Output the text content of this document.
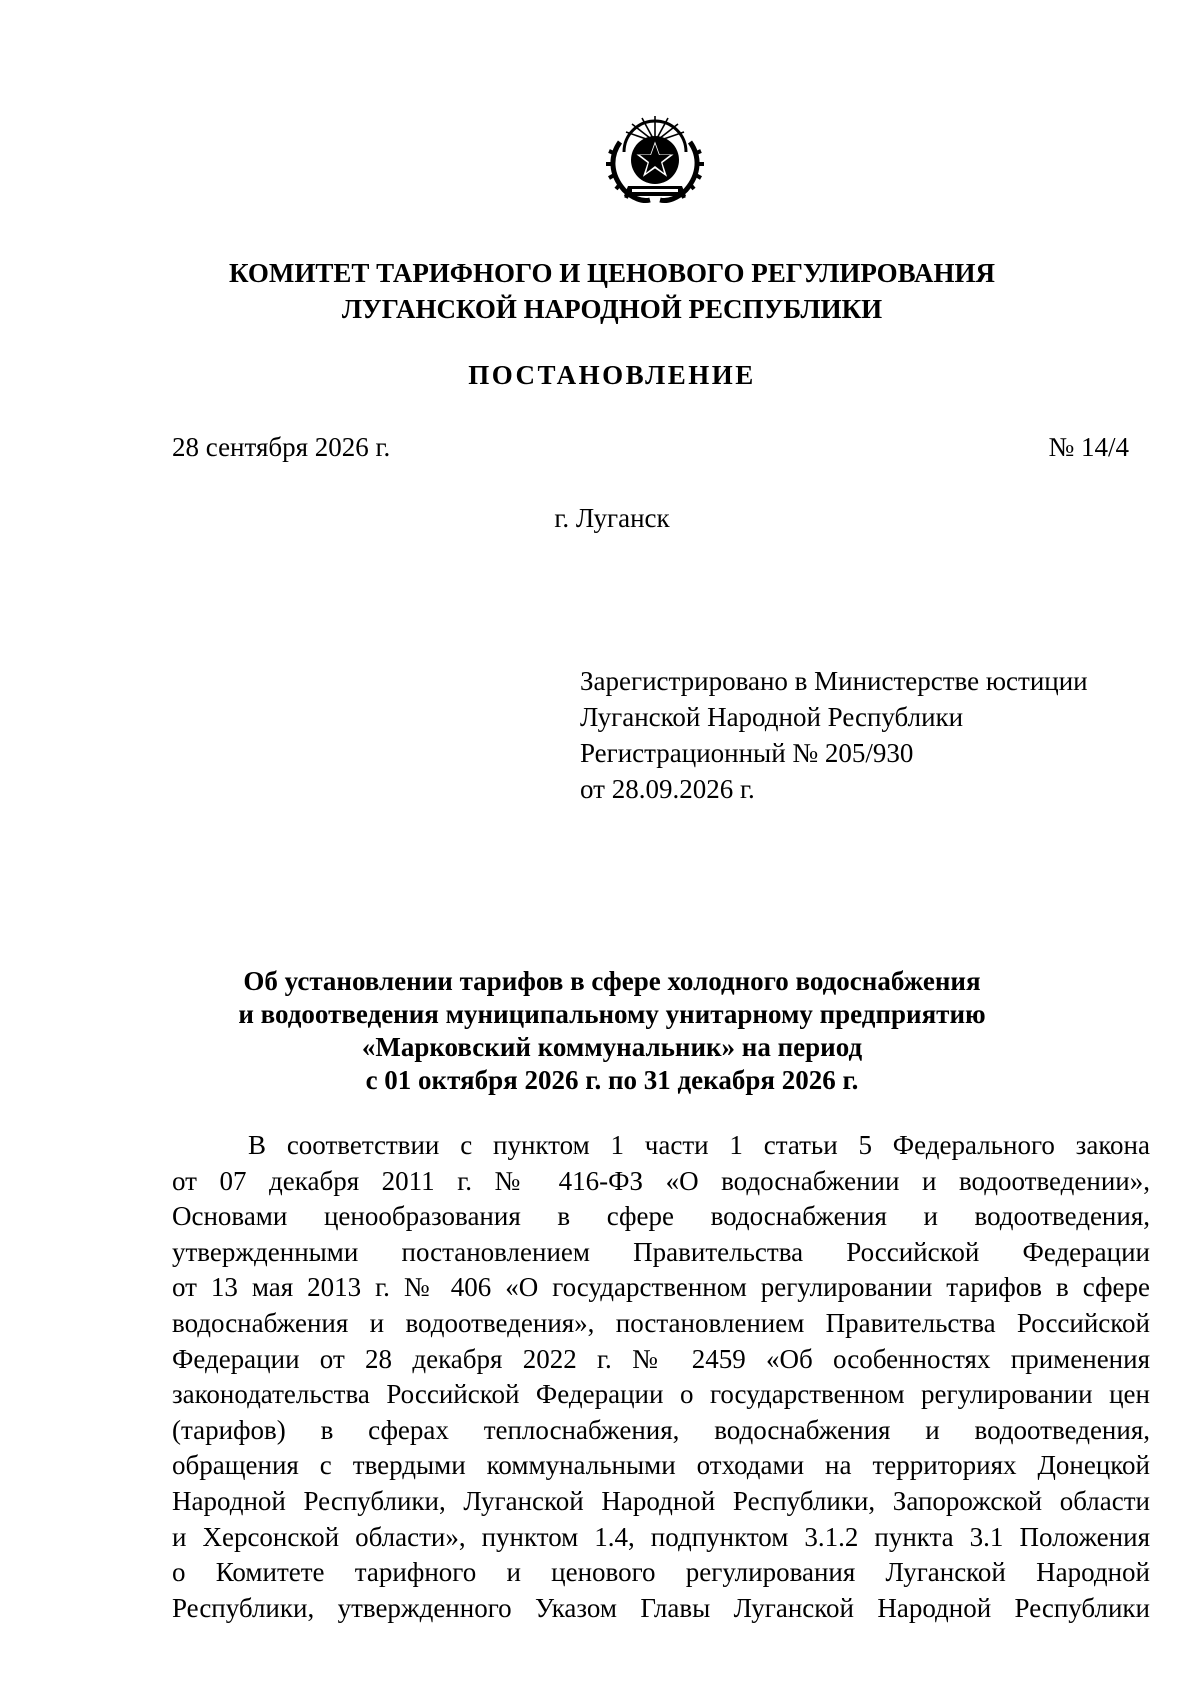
КОМИТЕТ ТАРИФНОГО И ЦЕНОВОГО РЕГУЛИРОВАНИЯ
ЛУГАНСКОЙ НАРОДНОЙ РЕСПУБЛИКИ
ПОСТАНОВЛЕНИЕ
28 сентября 2026 г.	№ 14/4
г. Луганск
Зарегистрировано в Министерстве юстиции
Луганской Народной Республики
Регистрационный № 205/930
от 28.09.2026 г.
Об установлении тарифов в сфере холодного водоснабжения
и водоотведения муниципальному унитарному предприятию
«Марковский коммунальник» на период
с 01 октября 2026 г. по 31 декабря 2026 г.
В соответствии с пунктом 1 части 1 статьи 5 Федерального закона
от 07 декабря 2011 г. № 416-ФЗ «О водоснабжении и водоотведении»,
Основами ценообразования в сфере водоснабжения и водоотведения,
утвержденными постановлением Правительства Российской Федерации
от 13 мая 2013 г. № 406 «О государственном регулировании тарифов в сфере
водоснабжения и водоотведения», постановлением Правительства Российской
Федерации от 28 декабря 2022 г. № 2459 «Об особенностях применения
законодательства Российской Федерации о государственном регулировании цен
(тарифов) в сферах теплоснабжения, водоснабжения и водоотведения,
обращения с твердыми коммунальными отходами на территориях Донецкой
Народной Республики, Луганской Народной Республики, Запорожской области
и Херсонской области», пунктом 1.4, подпунктом 3.1.2 пункта 3.1 Положения
о Комитете тарифного и ценового регулирования Луганской Народной
Республики, утвержденного Указом Главы Луганской Народной Республики
